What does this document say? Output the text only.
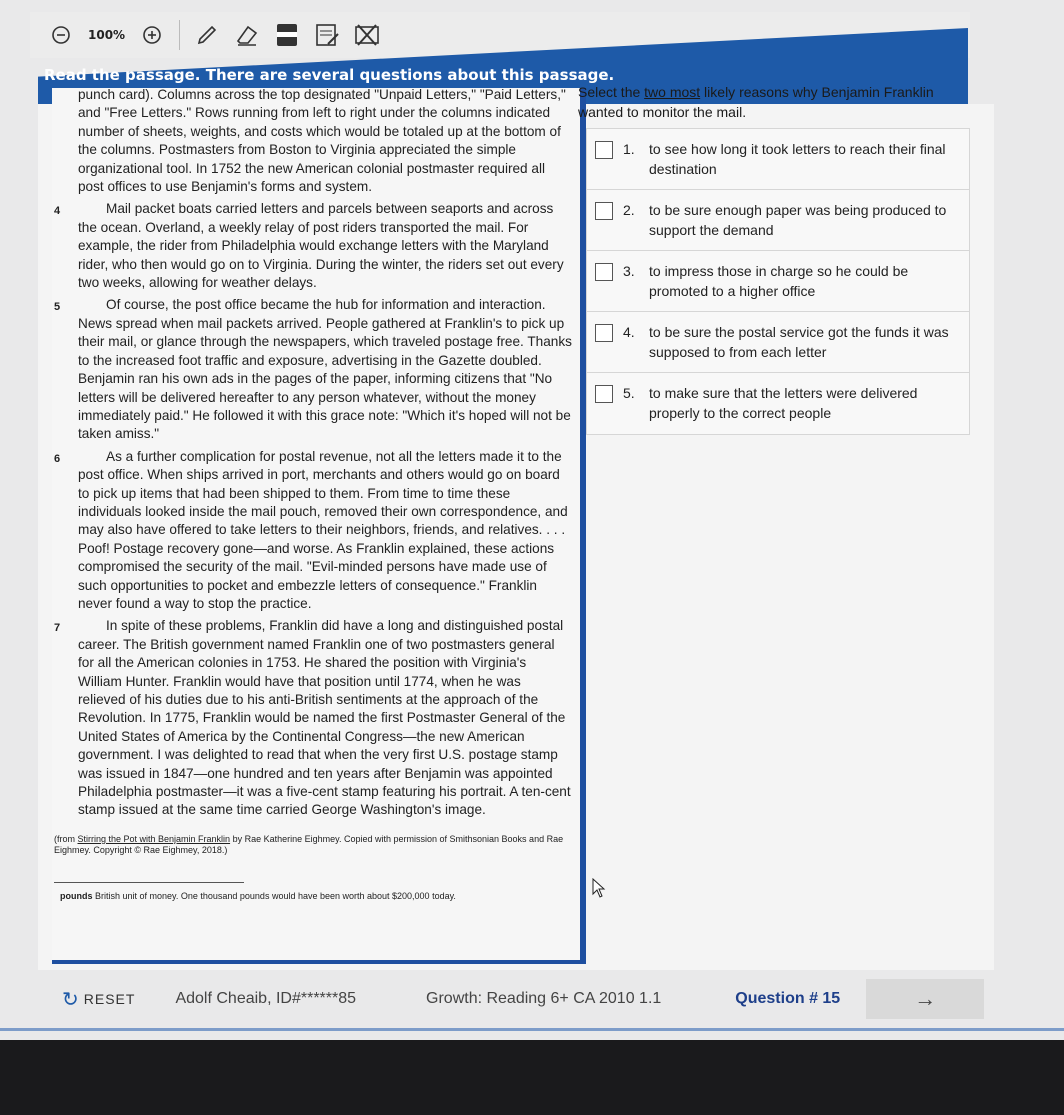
100%
Read the passage. There are several questions about this passage.

punch card). Columns across the top designated "Unpaid Letters," "Paid Letters," and "Free Letters." Rows running from left to right under the columns indicated number of sheets, weights, and costs which would be totaled up at the bottom of the columns. Postmasters from Boston to Virginia appreciated the simple organizational tool. In 1752 the new American colonial postmaster required all post offices to use Benjamin's forms and system.

4	Mail packet boats carried letters and parcels between seaports and across the ocean. Overland, a weekly relay of post riders transported the mail. For example, the rider from Philadelphia would exchange letters with the Maryland rider, who then would go on to Virginia. During the winter, the riders set out every two weeks, allowing for weather delays.

5	Of course, the post office became the hub for information and interaction. News spread when mail packets arrived. People gathered at Franklin's to pick up their mail, or glance through the newspapers, which traveled postage free. Thanks to the increased foot traffic and exposure, advertising in the Gazette doubled. Benjamin ran his own ads in the pages of the paper, informing citizens that "No letters will be delivered hereafter to any person whatever, without the money immediately paid." He followed it with this grace note: "Which it's hoped will not be taken amiss."

6	As a further complication for postal revenue, not all the letters made it to the post office. When ships arrived in port, merchants and others would go on board to pick up items that had been shipped to them. From time to time these individuals looked inside the mail pouch, removed their own correspondence, and may also have offered to take letters to their neighbors, friends, and relatives. . . . Poof! Postage recovery gone—and worse. As Franklin explained, these actions compromised the security of the mail. "Evil-minded persons have made use of such opportunities to pocket and embezzle letters of consequence." Franklin never found a way to stop the practice.

7	In spite of these problems, Franklin did have a long and distinguished postal career. The British government named Franklin one of two postmasters general for all the American colonies in 1753. He shared the position with Virginia's William Hunter. Franklin would have that position until 1774, when he was relieved of his duties due to his anti-British sentiments at the approach of the Revolution. In 1775, Franklin would be named the first Postmaster General of the United States of America by the Continental Congress—the new American government. I was delighted to read that when the very first U.S. postage stamp was issued in 1847—one hundred and ten years after Benjamin was appointed Philadelphia postmaster—it was a five-cent stamp featuring his portrait. A ten-cent stamp issued at the same time carried George Washington's image.

(from Stirring the Pot with Benjamin Franklin by Rae Katherine Eighmey. Copied with permission of Smithsonian Books and Rae Eighmey. Copyright © Rae Eighmey, 2018.)
pounds British unit of money. One thousand pounds would have been worth about $200,000 today.
Select the two most likely reasons why Benjamin Franklin wanted to monitor the mail.
1.	to see how long it took letters to reach their final destination
2.	to be sure enough paper was being produced to support the demand
3.	to impress those in charge so he could be promoted to a higher office
4.	to be sure the postal service got the funds it was supposed to from each letter
5.	to make sure that the letters were delivered properly to the correct people
↻ RESET	Adolf Cheaib, ID#******85	Growth: Reading 6+ CA 2010 1.1	Question # 15	→
